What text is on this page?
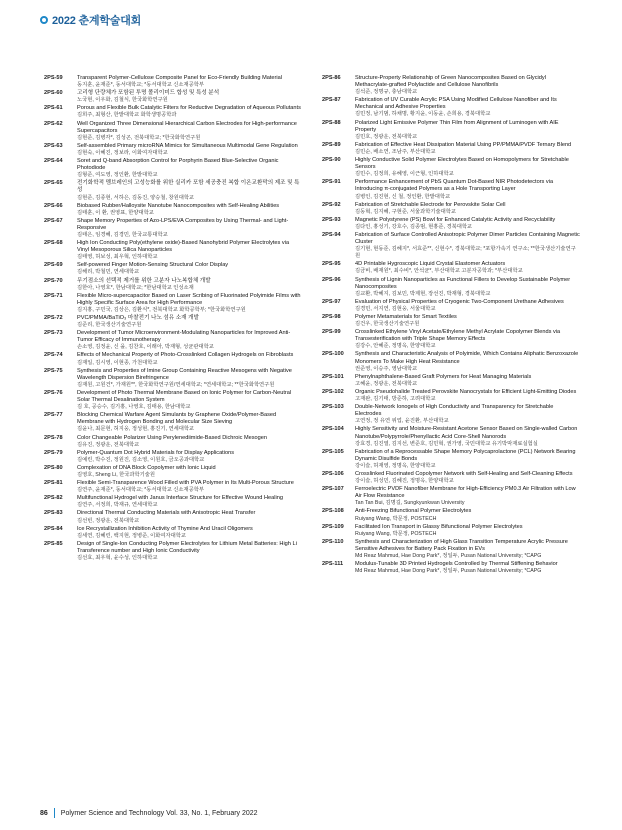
2022 춘계학술대회
2PS-59	Transparent Polymer-Cellulose Composite Panel for Eco-Friendly Building Material
동지훈, 윤재준*, 동서대학교; *동서대학교 신소재공학부
2PS-60	고리형 단량체가 포함된 투명 폴리이미드 합성 및 특성 분석
노국현, 이우화, 김철식, 한국화학연구원
2PS-61	Porous and Flexible Bulk Catalytic Filters for Reductive Degradation of Aqueous Pollutants
김희주, 최형산, 한밭대학교 화학생명공학과
2PS-62	Well Organized Three Dimensional Hierarchical Carbon Electrodes for High-performance Supercapacitors
김현준, 김병각*, 김성곤, 전북대학교; *한국화학연구원
2PS-63	Self-assembled Primary microRNA Mimics for Simultaneous Multimodal Gene Regulation
김현숙, 이혜진, 정보라, 이화여자대학교
2PS-64	Soret and Q-band Absorption Control for Porphyrin Based Blue-Selective Organic Photodiode
김형준, 여도영, 정인환, 한밭대학교
2PS-65	전기화학적 멤브레인의 고성능화를 위한 실리카 포함 세공충진 복합 이온교환막의 제조 및 특성
김현준, 김종현, 서하은, 김동진, 양승철, 창원대학교
2PS-66	Biobased Rubber/Halloysite Nanotube Nanocomposites with Self-Healing Abilities
김태훈, 이 환, 권영표, 한양대학교
2PS-67	Shape Memory Properties of Azo-LPS/EVA Composites by Using Thermal- and Light-Responsive
김태은, 임경혜, 김경민, 한국교통대학교
2PS-68	High Ion Conducting Poly(ethylene oxide)-Based Nanohybrid Polymer Electrolytes via Vinyl Mesoporous Silica Nanoparticles
김태영, 허보성, 최우혁, 인하대학교
2PS-69	Self-powered Finger Motion-Sensing Structural Color Display
김해리, 박철민, 연세대학교
2PS-70	무기점소의 선택적 제거를 위한 고분자 나노복합체 개발
김한아, 나영호*, 한남대학교; *한남대학교 인성소재
2PS-71	Flexible Micro-supercapacitor Based on Laser Scribing of Fluorinated Polyimide Films with Highly Specific Surface Area for High Performance
김지홍, 구민국, 김상은, 김환식*, 전북대학교 화학공학부; *한국화학연구원
2PS-72	PVC/PMMA/BaTiO₃ 마찰전기 나노 섬유 소재 개발
김준리, 한국생산기술연구원
2PS-73	Development of Tumor Microenvironment-Modulating Nanoparticles for Improved Anti-Tumor Efficacy of Immunotherapy
손소영, 김정윤, 신 을, 김찬호, 이래아, 박재형, 성균관대학교
2PS-74	Effects of Mechanical Property of Photo-Crosslinked Collagen Hydrogels on Fibroblasts
김재일, 김시영, 이현종, 가천대학교
2PS-75	Synthesis and Properties of Imine Group Containing Reactive Mesogens with Negative Wavelength Dispersion Birefringence
김재원, 고원건*, 가재원**, 한국화학연구원/연세대학교; *연세대학교; **한국화학연구원
2PS-76	Development of Photo Thermal Membrane Based on Ionic Polymer for Carbon-Neutral Solar Thermal Desalination System
김 호, 공승수, 김기홍, 나영호, 김태용, 한남대학교
2PS-77	Blocking Chemical Warfare Agent Simulants by Graphene Oxide/Polymer-Based Membrane with Hydrogen Bonding and Molecular Size Sieving
김윤나, 최문현, 허지웅, 정성현, 홍진기, 연세대학교
2PS-78	Color Changeable Polarizer Using Perylenediimide-Based Dichroic Mesogen
김유진, 정광운, 전북대학교
2PS-79	Polymer-Quantum Dot Hybrid Materials for Display Applications
김예린, 박수진, 정원진, 김소영, 이원호, 금오공과대학교
2PS-80	Complexation of DNA Block Copolymer with Ionic Liquid
김영호, Sheng Li, 한국과학기술원
2PS-81	Flexible Semi-Transparence Wood Filled with PVA Polymer in Its Multi-Porous Structure
김연주, 윤재준*, 동서대학교; *동서대학교 신소재공학부
2PS-82	Multifunctional Hydrogel with Janus Interface Structure for Effective Wound Healing
김연주, 서정희, 박재규, 연세대학교
2PS-83	Directional Thermal Conducting Materials with Anisotropic Heat Transfer
김선빈, 정광운, 전북대학교
2PS-84	Ice Recrystallization Inhibition Activity of Thymine And Uracil Oligomers
김세연, 김혜린, 백지현, 정병준, 이화여자대학교
2PS-85	Design of Single-Ion Conducting Polymer Electrolytes for Lithium Metal Batteries: High Li Transference number and High Ionic Conductivity
김선효, 최우혁, 윤수성, 인하대학교
2PS-86	Structure-Property Relationship of Green Nanocomposites Based on Glycidyl Methacrylate-grafted Polylactide and Cellulose Nanofibrils
김석준, 정명규, 충남대학교
2PS-87	Fabrication of UV Curable Acrylic PSA Using Modified Cellulose Nanofiber and Its Mechanical and Adhesive Properties
김민정, 남기범, 하채명, 황지윤, 이동윤, 손희용, 경북대학교
2PS-88	Polarized Light Emissive Polymer Thin Film from Alignment of Luminogen with AIE Property
김민호, 정광운, 전북대학교
2PS-89	Fabrication of Effective Heat Dissipation Material Using PP/PMMA/PVDF Ternary Blend
김민순, 배소연, 조남주, 부산대학교
2PS-90	Highly Conductive Solid Polymer Electrolytes Based on Homopolymers for Stretchable Sensors
김민수, 김정희, 유혜영, 이근형, 인하대학교
2PS-91	Performance Enhancement of PbS Quantum Dot-Based NIR Photodetectors via Introducing π-conjugated Polymers as a Hole Transporting Layer
김병인, 김진현, 신 철, 정인환, 한밭대학교
2PS-92	Fabrication of Stretchable Electrode for Perovskite Solar Cell
김동혁, 김지혜, 구현준, 서울과학기술대학교
2PS-93	Magnetic Polystyrene (PS) Bowl for Enhanced Catalytic Activity and Recyclability
김다인, 홍성기, 강호수, 김종범, 현홍준, 경북대학교
2PS-94	Fabrication of Surface Controlled Anisotropic Polymer Dimer Particles Containing Magnetic Cluster
김기현, 현동준, 김혜지*, 서효준**, 신현수*, 경북대학교; *포항가속기 연구소; **한국생산기술연구원
2PS-95	4D Printable Hygroscopic Liquid Crystal Elastomer Actuators
김금비, 배재원*, 최수비*, 안석균*, 부산대학교 고분자공학과; *부산대학교
2PS-96	Synthesis of Lignin Nanoparticles as Functional Fillers to Develop Sustainable Polymer Nanocomposites
김교환, 박혜지, 김보민, 박제현, 장선진, 박재형, 경북대학교
2PS-97	Evaluation of Physical Properties of Cryogenic Two-Component Urethane Adhesives
김경민, 서지연, 김현웅, 서울대학교
2PS-98	Polymer Metamaterials for Smart Textiles
김건우, 한국생산기술연구원
2PS-99	Crosslinked Ethylene Vinyl Acetate/Ethylene Methyl Acrylate Copolymer Blends via Transesterification with Triple Shape Memory Effects
김강수, 안혜준, 정명옥, 한양대학교
2PS-100	Synthesis and Characteristic Analysis of Polyimide, Which Contains Aliphatic Benzoxazole Monomers To Make High Heat Resistance
권준영, 이승주, 영남대학교
2PS-101	Phenylnaphthalene-Based Graft Polymers for Heat Managing Materials
고혜윤, 정광운, 전북대학교
2PS-102	Organic Pseudohalide Treated Perovskite Nanocrystals for Efficient Light-Emitting Diodes
고재완, 김기태, 방준하, 고려대학교
2PS-103	Double-Network Ionogels of High Conductivity and Transparency for Stretchable Electrodes
고연정, 정 유연 위업, 윤진환, 부산대학교
2PS-104	Highly Sensitivity and Moisture-Resistant Acetone Sensor Based on Single-walled Carbon Nanotube/Polypyrrole/Phenyllactic Acid Core-Shell Nanorods
강효경, 김진열, 김지선, 변준호, 김민혁, 권가영, 국민대학교 유기박막재료실험실
2PS-105	Fabrication of a Reprocessable Shape Memory Polycaprolactone (PCL) Network Bearing Dynamic Disulfide Bonds
강이슬, 허재영, 정명옥, 한양대학교
2PS-106	Crosslinked Fluorinated Copolymer Network with Self-Healing and Self-Cleaning Effects
강이슬, 허성민, 김혜진, 정명옥, 한양대학교
2PS-107	Ferroelectric PVDF Nanofiber Membrane for High-Efficiency PM0.3 Air Filtration with Low Air Flow Resistance
Tan Tan Bui, 김명길, Sungkyunkwan University
2PS-108	Anti-Freezing Bifunctional Polymer Electrolytes
Ruiyang Wang, 박문정, POSTECH
2PS-109	Facilitated Ion Transport in Glassy Bifunctional Polymer Electrolytes
Ruiyang Wang, 박문정, POSTECH
2PS-110	Synthesis and Characterization of High Glass Transition Temperature Acrylic Pressure Sensitive Adhesives for Battery Pack Fixation in EVs
Md Reaz Mahmud, Hae Dong Park*, 정일두, Pusan National University; *CAPG
2PS-111	Modulus-Tunable 3D Printed Hydrogels Controlled by Thermal Stiffening Behavior
Md Reaz Mahmud, Hae Dong Park*, 정일두, Pusan National University; *CAPG
86 Polymer Science and Technology Vol. 33, No. 1, February 2022
